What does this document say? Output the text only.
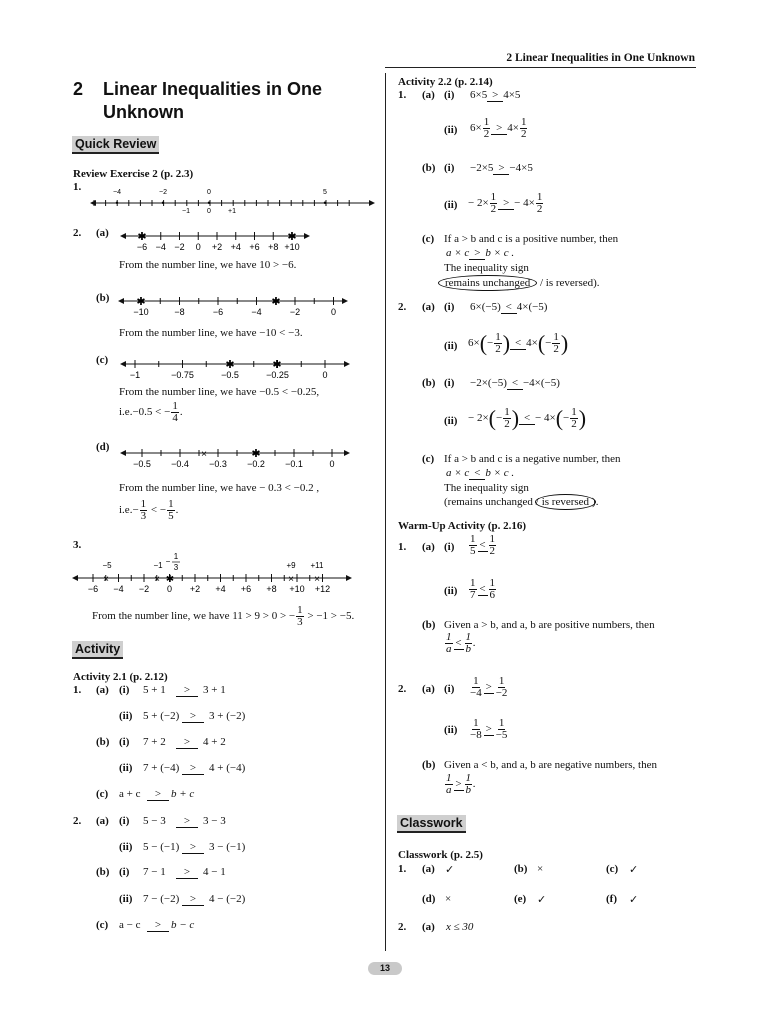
2 Linear Inequalities in One Unknown
2 Linear Inequalities in One
Unknown
Quick Review
Review Exercise 2 (p. 2.3)
1.
•	•	•	•
−4	−2	0	5
−1 0 +1
2. (a)
−6 −4 −2 0 +2 +4 +6 +8 +10
✱	✱
From the number line, we have 10 > −6.
(b)
−10	−8	−6	−4	−2	0
✱	✱
From the number line, we have −10 < −3.
(c)
−1	−0.75	−0.5	−0.25	0
✱	✱
From the number line, we have −0.5 < −0.25,
i.e.−0.5 < − $\frac{1}{4}$ .
(d)
−0.5 −0.4 −0.3 −0.2 −0.1	0
✱
×
From the number line, we have − 0.3 < −0.2 ,
$i.e.- \frac{1}{3}$ < − $\frac{1}{5}$ .
3.
−6 −4 −2 0 +2 +4 +6 +8 +10 +12
−5	−1
1
−
3	+9 +11
×	× ✱	× ×
From the number line, we have 11 > 9 > 0 > − $\frac{1}{3} > -1 > -5$.
Activity
Activity 2.1 (p. 2.12)
1.
2.
(a) (i) 5 + 1	>	3 + 1
(ii) 5 + (−2) >	3 + (−2)
(b) (i) 7 + 2	>	4 + 2
(ii) 7 + (−4) >	4 + (−4)
(c) a + c	> b + c
(a) (i) 5 − 3	>	3 − 3
(ii) 5 − (−1) >	3 − (−1)
(b) (i) 7 − 1	>	4 − 1
(ii) 7 − (−2) >	4 − (−2)
(c) a − c	> b − c
Activity 2.2 (p. 2.14)
1. (a) (i) 6×5 > 4×5
(ii) $6\times \frac{1}{2} > 4\times \frac{1}{2}$
(b) (i) −2×5 > −4×5
$(ii) - 2\times \frac{1}{2}$ > − $4\times \frac{1}{2}$
(c) If a > b and c is a positive number, then
a × c > b × c .
The inequality sign
remains unchanged / is reversed).
2. (a) (i) 6×(−5) < 4×(−5)
(ii) $6\times(- \frac{1}{2}$ ) < $4\times(- \frac{1}{2}$ )
(b) (i) −2×(−5) < −4×(−5)
$(ii) - 2\times(- \frac{1}{2}$ ) < − $4\times(- \frac{1}{2}$ )
(c) If a > b and c is a negative number, then
a × c < b × c .
The inequality sign
(remains unchanged / is reversed ).
Warm-Up Activity (p. 2.16)
1. (a) $(i) \frac{1}{5} < \frac{1}{2}$
$(ii) \frac{1}{7} < \frac{1}{6}$
(b) Given a > b, and a, b are positive numbers, then
$\frac{1}{a} < \frac{1}{b}$ .
2. (a) $(i) \frac{1}{-4} > \frac{1}{-2}$
$(ii) \frac{1}{-8} > \frac{1}{-5}$
(b) Given a < b, and a, b are negative numbers, then
$\frac{1}{a} > \frac{1}{b}$ .
Classwork
Classwork (p. 2.5)
1. (a) ✓	(b) ×	(c) ✓
(d) ×	(e) ✓	(f) ✓
2. (a) x ≤ 30
13
